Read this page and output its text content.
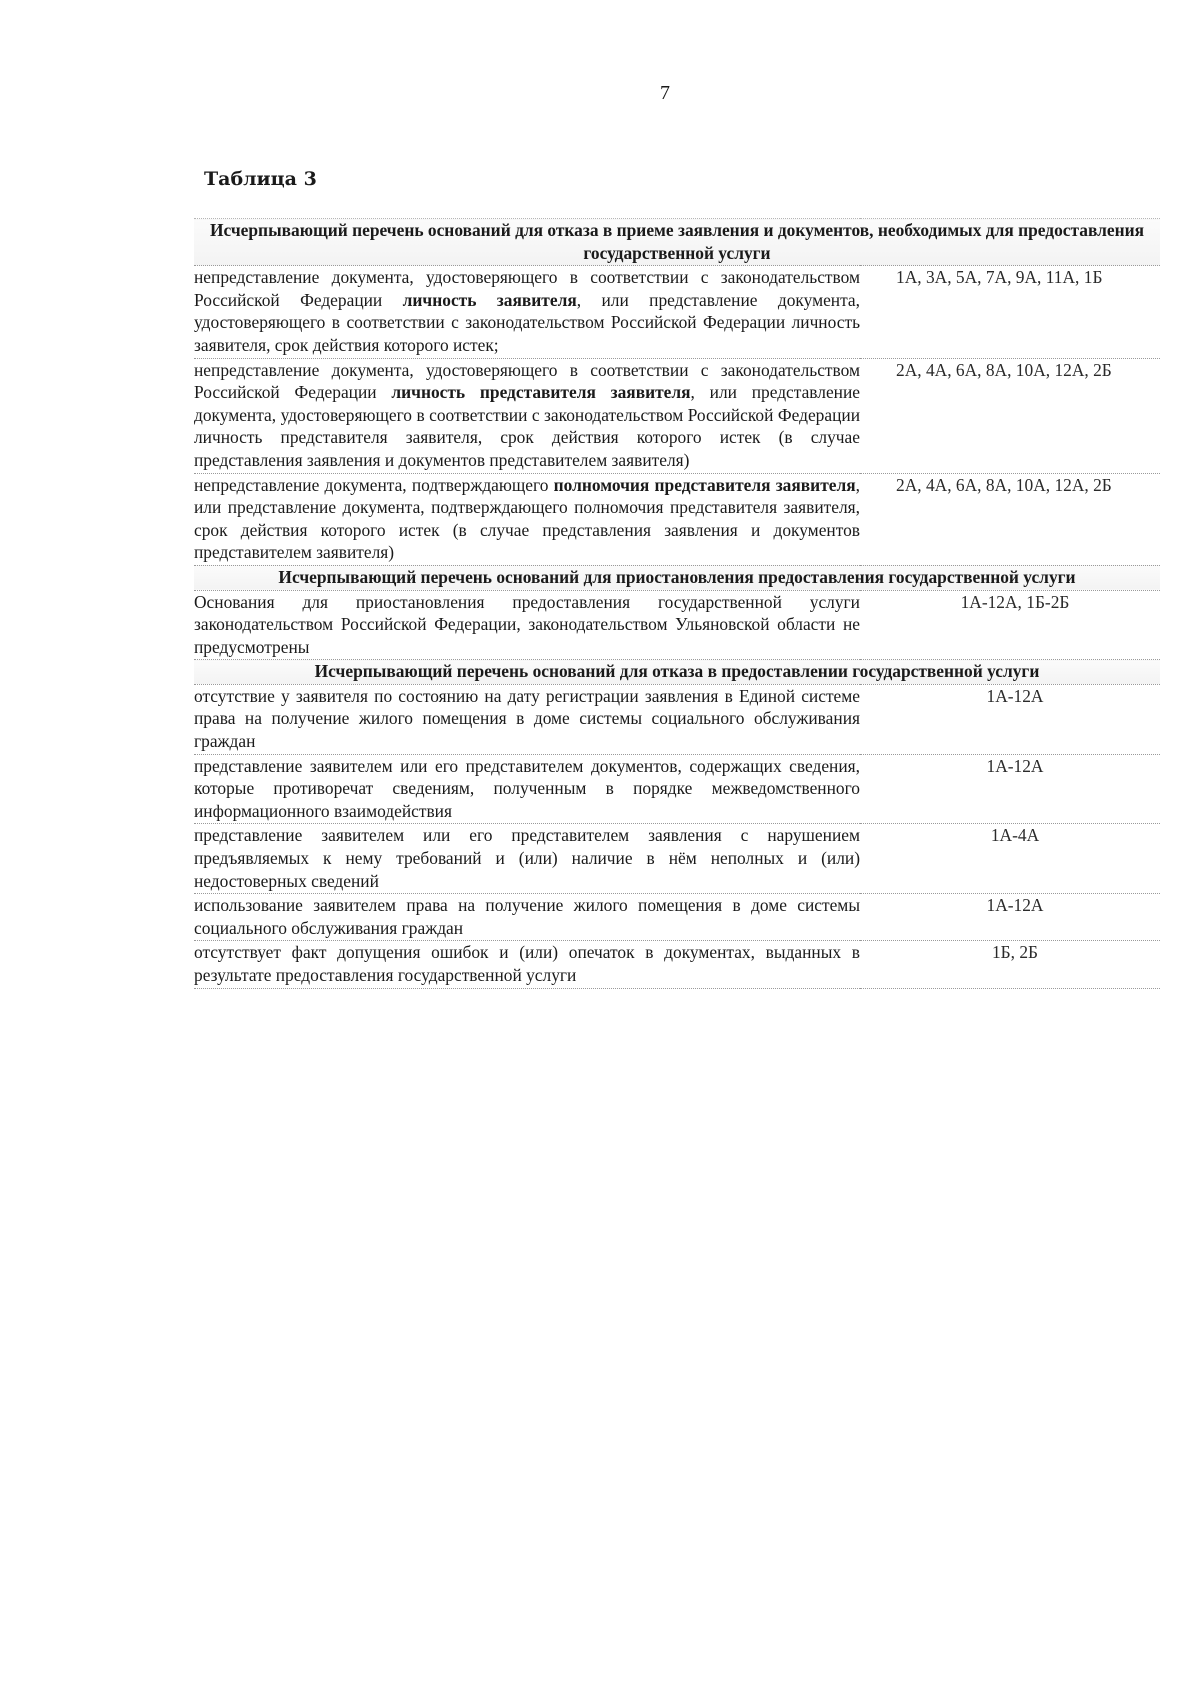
7
Таблица 3
Исчерпывающий перечень оснований для отказа в приеме заявления и документов, необходимых для предоставления государственной услуги	
непредставление документа, удостоверяющего в соответствии с законодательством Российской Федерации личность заявителя, или представление документа, удостоверяющего в соответствии с законодательством Российской Федерации личность заявителя, срок действия которого истек;	1А, 3А, 5А, 7А, 9А, 11А, 1Б
непредставление документа, удостоверяющего в соответствии с законодательством Российской Федерации личность представителя заявителя, или представление документа, удостоверяющего в соответствии с законодательством Российской Федерации личность представителя заявителя, срок действия которого истек (в случае представления заявления и документов представителем заявителя)	2А, 4А, 6А, 8А, 10А, 12А, 2Б
непредставление документа, подтверждающего полномочия представителя заявителя, или представление документа, подтверждающего полномочия представителя заявителя, срок действия которого истек (в случае представления заявления и документов представителем заявителя)	2А, 4А, 6А, 8А, 10А, 12А, 2Б
Исчерпывающий перечень оснований для приостановления предоставления государственной услуги	
Основания для приостановления предоставления государственной услуги законодательством Российской Федерации, законодательством Ульяновской области не предусмотрены	1А-12А, 1Б-2Б
Исчерпывающий перечень оснований для отказа в предоставлении государственной услуги	
отсутствие у заявителя по состоянию на дату регистрации заявления в Единой системе права на получение жилого помещения в доме системы социального обслуживания граждан	1А-12А
представление заявителем или его представителем документов, содержащих сведения, которые противоречат сведениям, полученным в порядке межведомственного информационного взаимодействия	1А-12А
представление заявителем или его представителем заявления с нарушением предъявляемых к нему требований и (или) наличие в нём неполных и (или) недостоверных сведений	1А-4А
использование заявителем права на получение жилого помещения в доме системы социального обслуживания граждан	1А-12А
отсутствует факт допущения ошибок и (или) опечаток в документах, выданных в результате предоставления государственной услуги	1Б, 2Б
